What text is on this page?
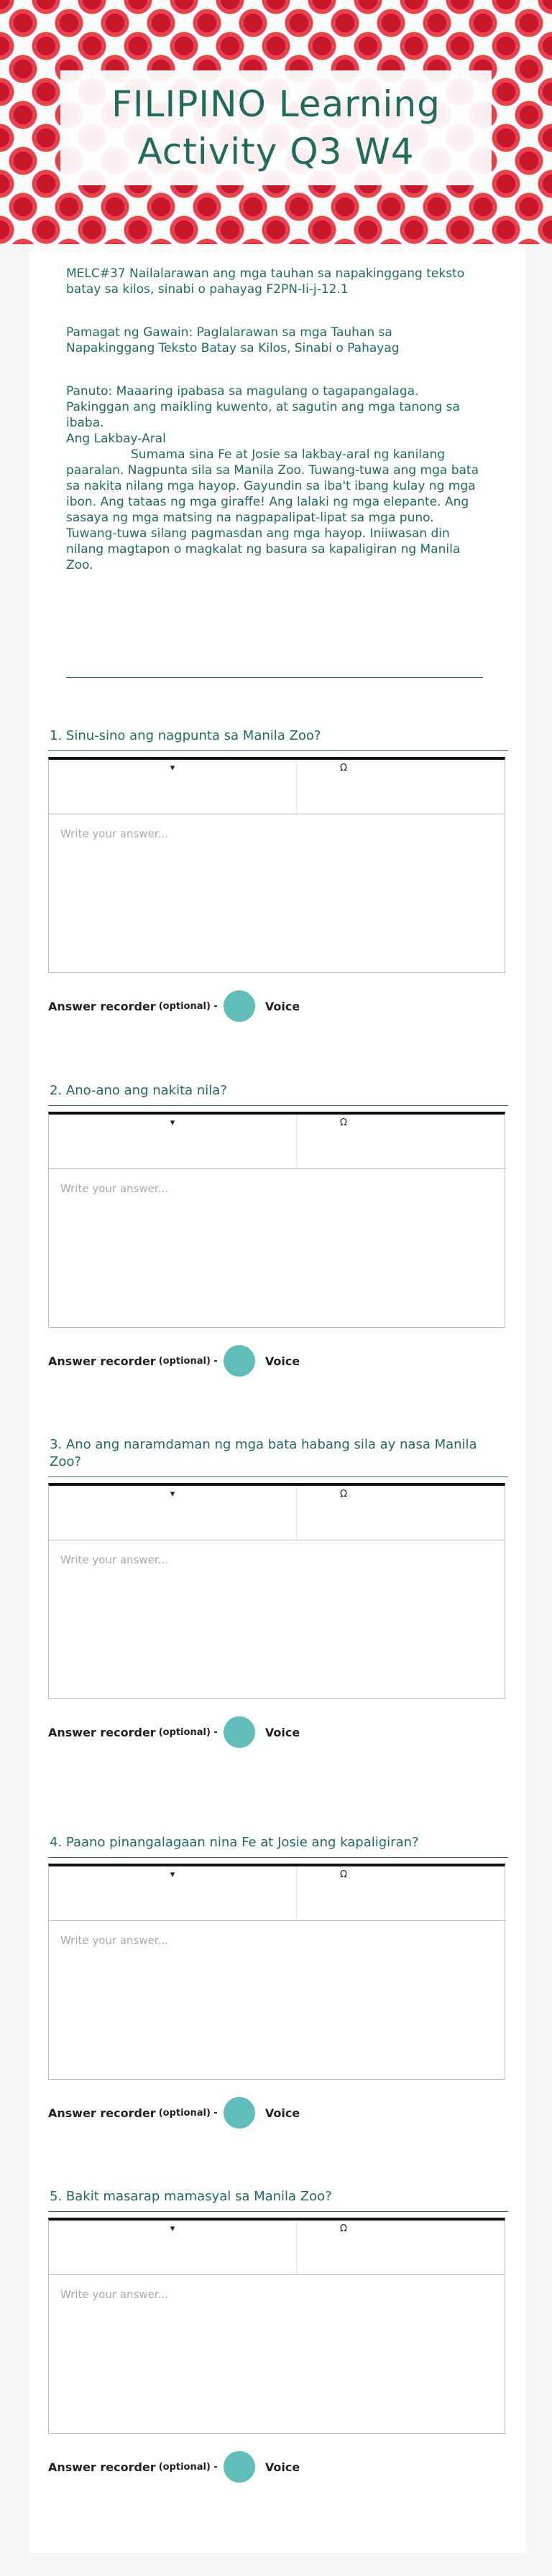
FILIPINO Learning
Activity Q3 W4

MELC#37 Nailalarawan ang mga tauhan sa napakinggang teksto batay sa kilos, sinabi o pahayag F2PN-Ii-j-12.1

Pamagat ng Gawain: Paglalarawan sa mga Tauhan sa Napakinggang Teksto Batay sa Kilos, Sinabi o Pahayag

Panuto: Maaaring ipabasa sa magulang o tagapangalaga. Pakinggan ang maikling kuwento, at sagutin ang mga tanong sa ibaba.

Ang Lakbay-Aral

Sumama sina Fe at Josie sa lakbay-aral ng kanilang paaralan. Nagpunta sila sa Manila Zoo. Tuwang-tuwa ang mga bata sa nakita nilang mga hayop. Gayundin sa iba't ibang kulay ng mga ibon. Ang tataas ng mga giraffe! Ang lalaki ng mga elepante. Ang sasaya ng mga matsing na nagpapalipat-lipat sa mga puno. Tuwang-tuwa silang pagmasdan ang mga hayop. Iniiwasan din nilang magtapon o magkalat ng basura sa kapaligiran ng Manila Zoo.

1. Sinu-sino ang nagpunta sa Manila Zoo?
▾	Ω
Write your answer...
Answer recorder (optional) -	Voice
2. Ano-ano ang nakita nila?
▾	Ω
Write your answer...
Answer recorder (optional) -	Voice
3. Ano ang naramdaman ng mga bata habang sila ay nasa Manila Zoo?
▾	Ω
Write your answer...
Answer recorder (optional) -	Voice
4. Paano pinangalagaan nina Fe at Josie ang kapaligiran?
▾	Ω
Write your answer...
Answer recorder (optional) -	Voice
5. Bakit masarap mamasyal sa Manila Zoo?
▾	Ω
Write your answer...
Answer recorder (optional) -	Voice
